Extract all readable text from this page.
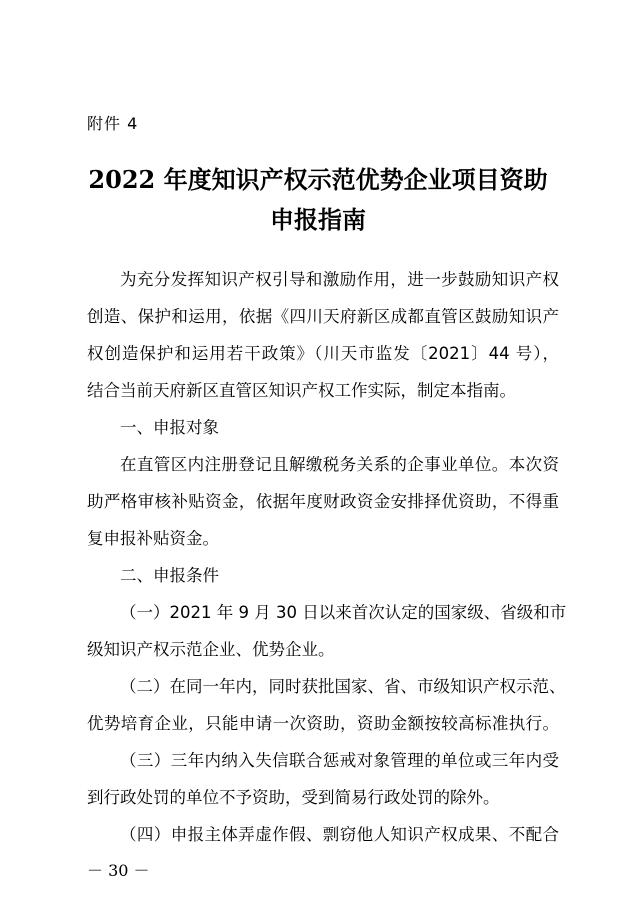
附件 4
2022 年度知识产权示范优势企业项目资助
申报指南
为充分发挥知识产权引导和激励作用，进一步鼓励知识产权
创造、保护和运用，依据《四川天府新区成都直管区鼓励知识产
权创造保护和运用若干政策》（川天市监发〔2021〕44 号），
结合当前天府新区直管区知识产权工作实际，制定本指南。
一、申报对象
在直管区内注册登记且解缴税务关系的企事业单位。本次资
助严格审核补贴资金，依据年度财政资金安排择优资助，不得重
复申报补贴资金。
二、申报条件
（一）2021 年 9 月 30 日以来首次认定的国家级、省级和市
级知识产权示范企业、优势企业。
（二）在同一年内，同时获批国家、省、市级知识产权示范、
优势培育企业，只能申请一次资助，资助金额按较高标准执行。
（三）三年内纳入失信联合惩戒对象管理的单位或三年内受
到行政处罚的单位不予资助，受到简易行政处罚的除外。
（四）申报主体弄虚作假、剽窃他人知识产权成果、不配合
－ 30 －
